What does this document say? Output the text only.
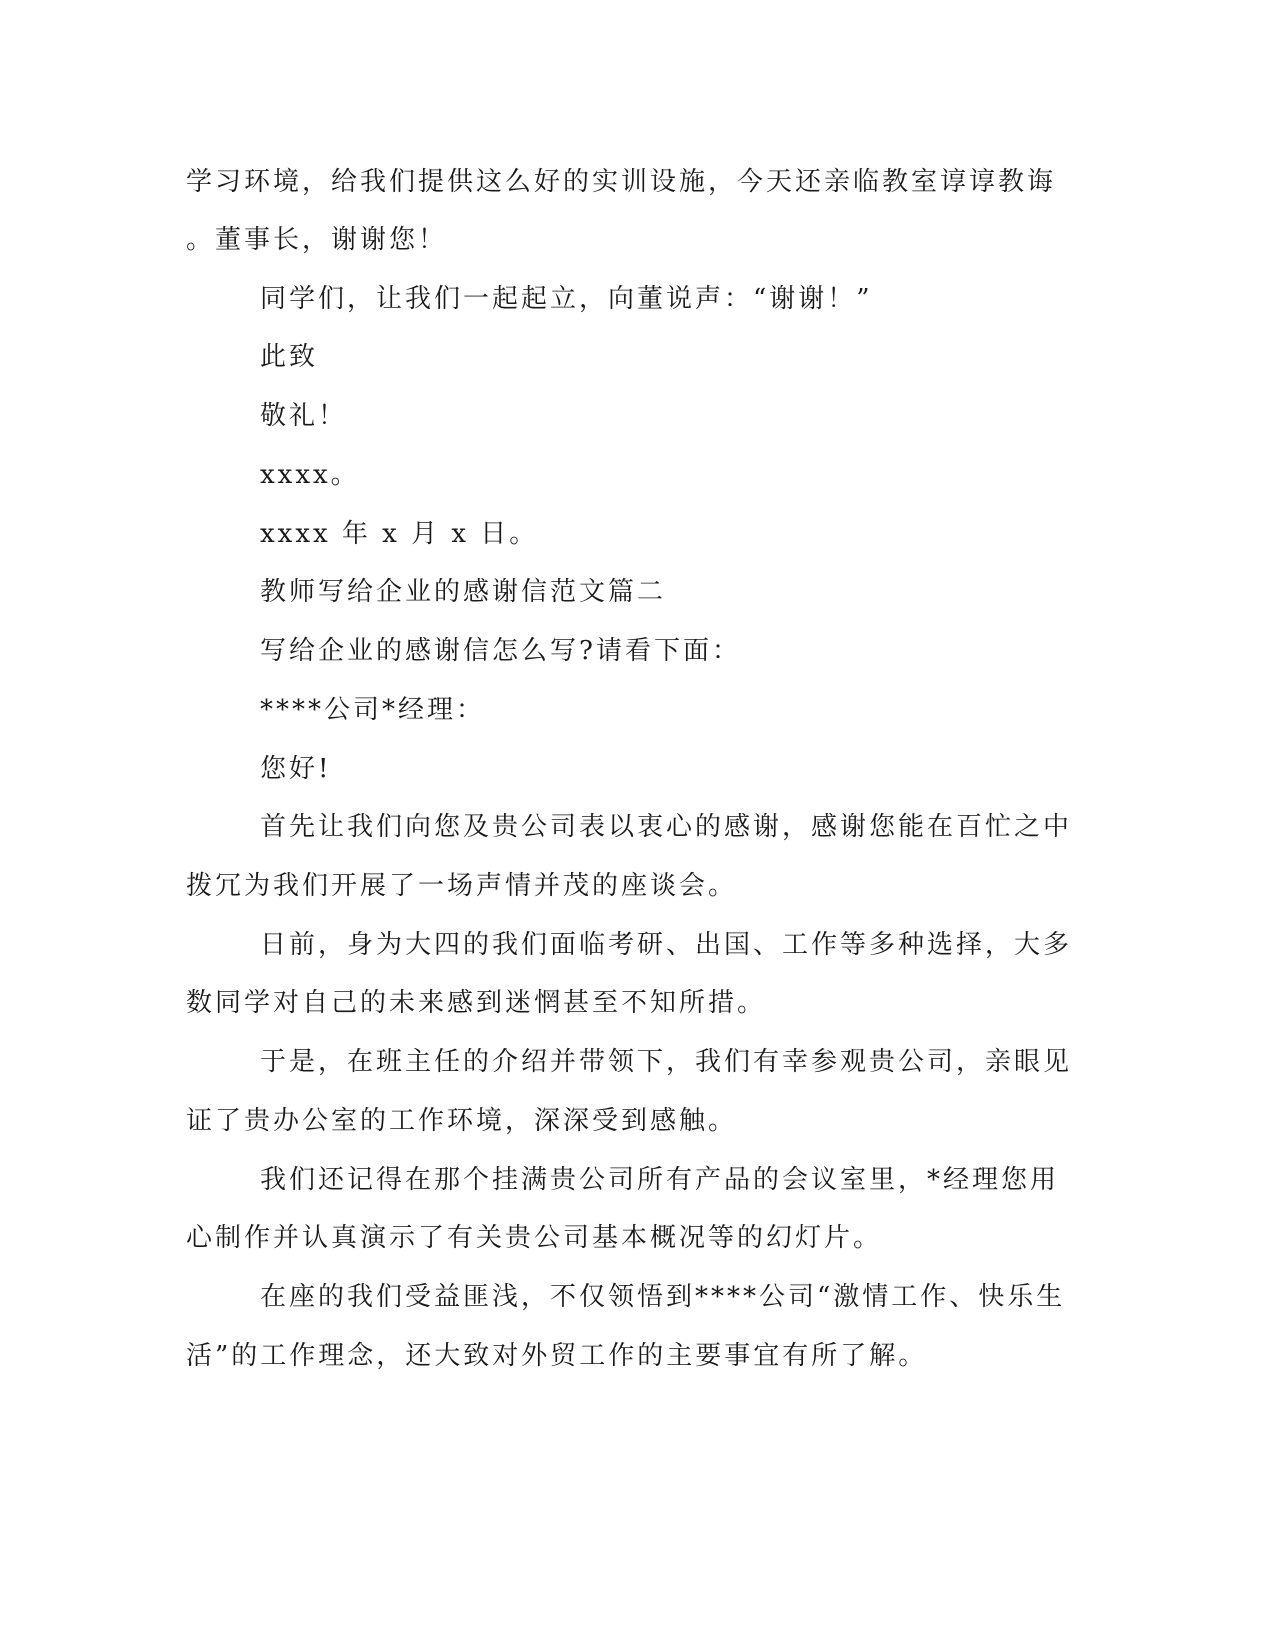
学习环境，给我们提供这么好的实训设施，今天还亲临教室谆谆教诲
。董事长，谢谢您！
同学们，让我们一起起立，向董说声：“谢谢！”
此致
敬礼！
xxxx。
xxxx 年 x 月 x 日。
教师写给企业的感谢信范文篇二
写给企业的感谢信怎么写?请看下面：
****公司*经理：
您好!
首先让我们向您及贵公司表以衷心的感谢，感谢您能在百忙之中
拨冗为我们开展了一场声情并茂的座谈会。
日前，身为大四的我们面临考研、出国、工作等多种选择，大多
数同学对自己的未来感到迷惘甚至不知所措。
于是，在班主任的介绍并带领下，我们有幸参观贵公司，亲眼见
证了贵办公室的工作环境，深深受到感触。
我们还记得在那个挂满贵公司所有产品的会议室里，*经理您用
心制作并认真演示了有关贵公司基本概况等的幻灯片。
在座的我们受益匪浅，不仅领悟到****公司“激情工作、快乐生
活”的工作理念，还大致对外贸工作的主要事宜有所了解。
